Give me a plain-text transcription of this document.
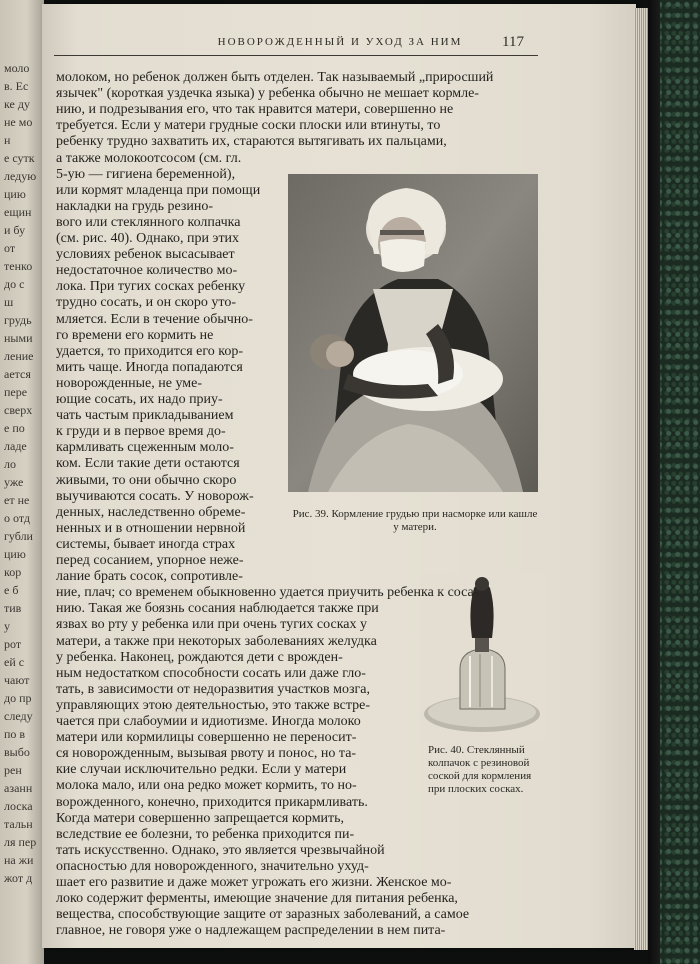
моло
в. Ес
ке ду
не мо
н
е сутк
ледую
цию
ещин
и бу
от
тенко
до с
ш
грудь
ными
ление
ается
пере
сверх
е по
ладе
ло
уже
ет не
о отд
губли
цию
кор
е б
тив
у
рот
ей с
чают
до пр
следу
по в
выбо
рен
азанн
лоска
тальн
ля пер
на жи
жот д
НОВОРОЖДЕННЫЙ И УХОД ЗА НИМ	117
Рис. 39. Кормление грудью при насморке или кашле у матери.
Рис. 40. Стеклянный колпачок с резиновой соской для кормления при плоских сосках.
молоком, но ребенок должен быть отделен. Так называемый „приросший
язычек" (короткая уздечка языка) у ребенка обычно не мешает кормле-
нию, и подрезывания его, что так нравится матери, совершенно не
требуется. Если у матери грудные соски плоски или втинуты, то
ребенку трудно захватить их, стараются вытягивать их пальцами,
а также молокоотсосом (см. гл.
5-ую — гигиена беременной),
или кормят младенца при помощи
накладки на грудь резино-
вого или стеклянного колпачка
(см. рис. 40). Однако, при этих
условиях ребенок высасывает
недостаточное количество мо-
лока. При тугих сосках ребенку
трудно сосать, и он скоро уто-
мляется. Если в течение обычно-
го времени его кормить не
удается, то приходится его кор-
мить чаще. Иногда попадаются
новорожденные, не уме-
ющие сосать, их надо приу-
чать частым прикладыванием
к груди и в первое время до-
кармливать сцеженным моло-
ком. Если такие дети остаются
живыми, то они обычно скоро
выучиваются сосать. У новорож-
денных, наследственно обреме-
ненных и в отношении нервной
системы, бывает иногда страх
перед сосанием, упорное неже-
лание брать сосок, сопротивле-
ние, плач; со временем обыкновенно удается приучить ребенка к соса-
нию. Такая же боязнь сосания наблюдается также при
язвах во рту у ребенка или при очень тугих сосках у
матери, а также при некоторых заболеваниях желудка
у ребенка. Наконец, рождаются дети с врожден-
ным недостатком способности сосать или даже гло-
тать, в зависимости от недоразвития участков мозга,
управляющих этою деятельностью, это также встре-
чается при слабоумии и идиотизме. Иногда молоко
матери или кормилицы совершенно не переносит-
ся новорожденным, вызывая рвоту и понос, но та-
кие случаи исключительно редки. Если у матери
молока мало, или она редко может кормить, то но-
ворожденного, конечно, приходится прикармливать.
Когда матери совершенно запрещается кормить,
вследствие ее болезни, то ребенка приходится пи-
тать искусственно. Однако, это является чрезвычайной
опасностью для новорожденного, значительно ухуд-
шает его развитие и даже может угрожать его жизни. Женское мо-
локо содержит ферменты, имеющие значение для питания ребенка,
вещества, способствующие защите от заразных заболеваний, а самое
главное, не говоря уже о надлежащем распределении в нем пита-
